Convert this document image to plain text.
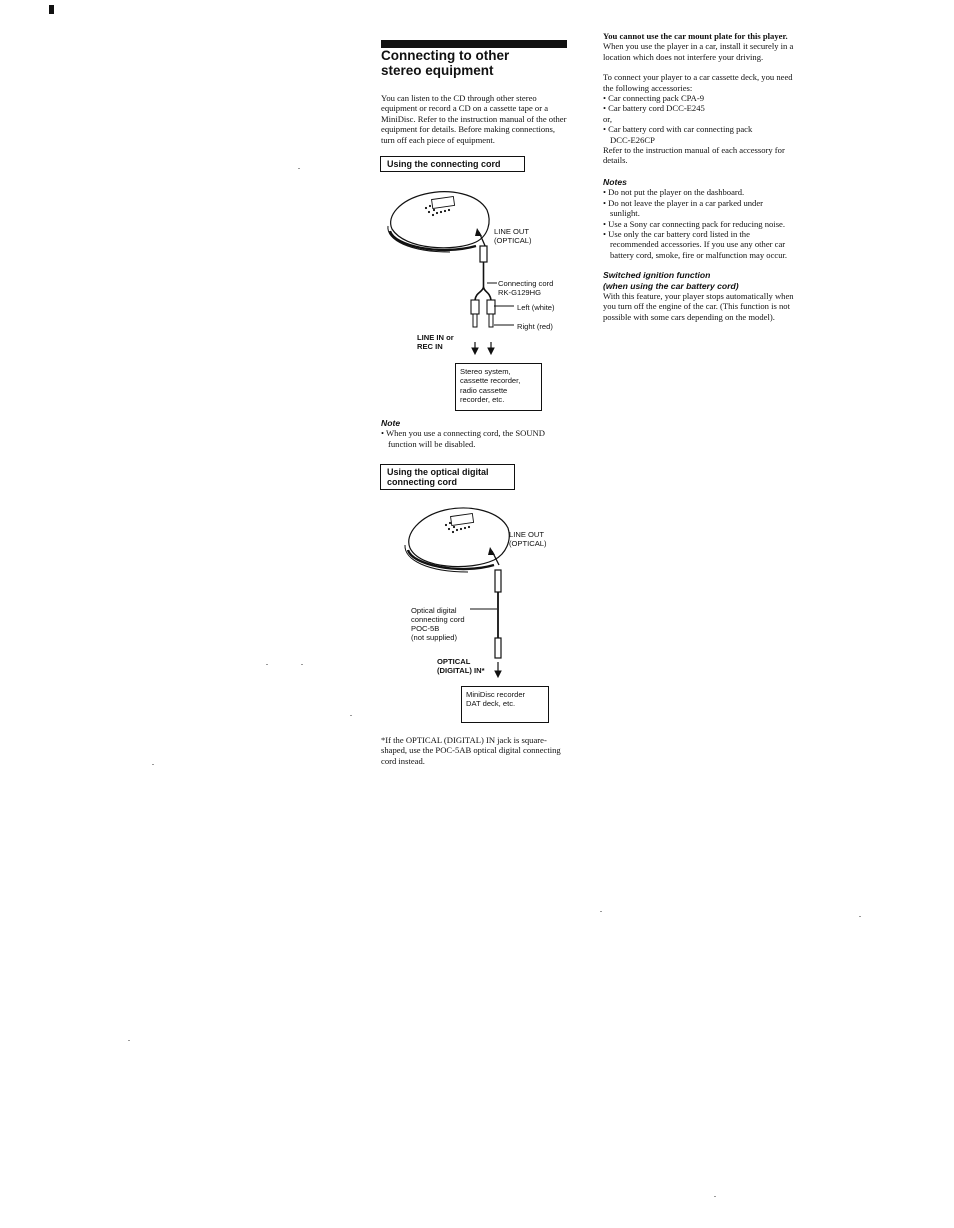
Connecting to other
stereo equipment
You can listen to the CD through other stereo equipment or record a CD on a cassette tape or a MiniDisc. Refer to the instruction manual of the other equipment for details. Before making connections, turn off each piece of equipment.
Using the connecting cord
LINE OUT
(OPTICAL)
Connecting cord
RK-G129HG
Left (white)
Right (red)
LINE IN or
REC IN
Stereo system,
cassette recorder,
radio cassette
recorder, etc.
Note
• When you use a connecting cord, the SOUND function will be disabled.
Using the optical digital
connecting cord
LINE OUT
(OPTICAL)
Optical digital
connecting cord
POC-5B
(not supplied)
OPTICAL
(DIGITAL) IN*
MiniDisc recorder
DAT deck, etc.
*If the OPTICAL (DIGITAL) IN jack is square-shaped, use the POC-5AB optical digital connecting cord instead.
You cannot use the car mount plate for this player.
When you use the player in a car, install it securely in a location which does not interfere your driving.
To connect your player to a car cassette deck, you need the following accessories:
• Car connecting pack CPA-9
• Car battery cord DCC-E245
or,
• Car battery cord with car connecting pack
DCC-E26CP
Refer to the instruction manual of each accessory for details.
Notes
• Do not put the player on the dashboard.
• Do not leave the player in a car parked under sunlight.
• Use a Sony car connecting pack for reducing noise.
• Use only the car battery cord listed in the recommended accessories. If you use any other car battery cord, smoke, fire or malfunction may occur.
Switched ignition function
(when using the car battery cord)
With this feature, your player stops automatically when you turn off the engine of the car. (This function is not possible with some cars depending on the model).
